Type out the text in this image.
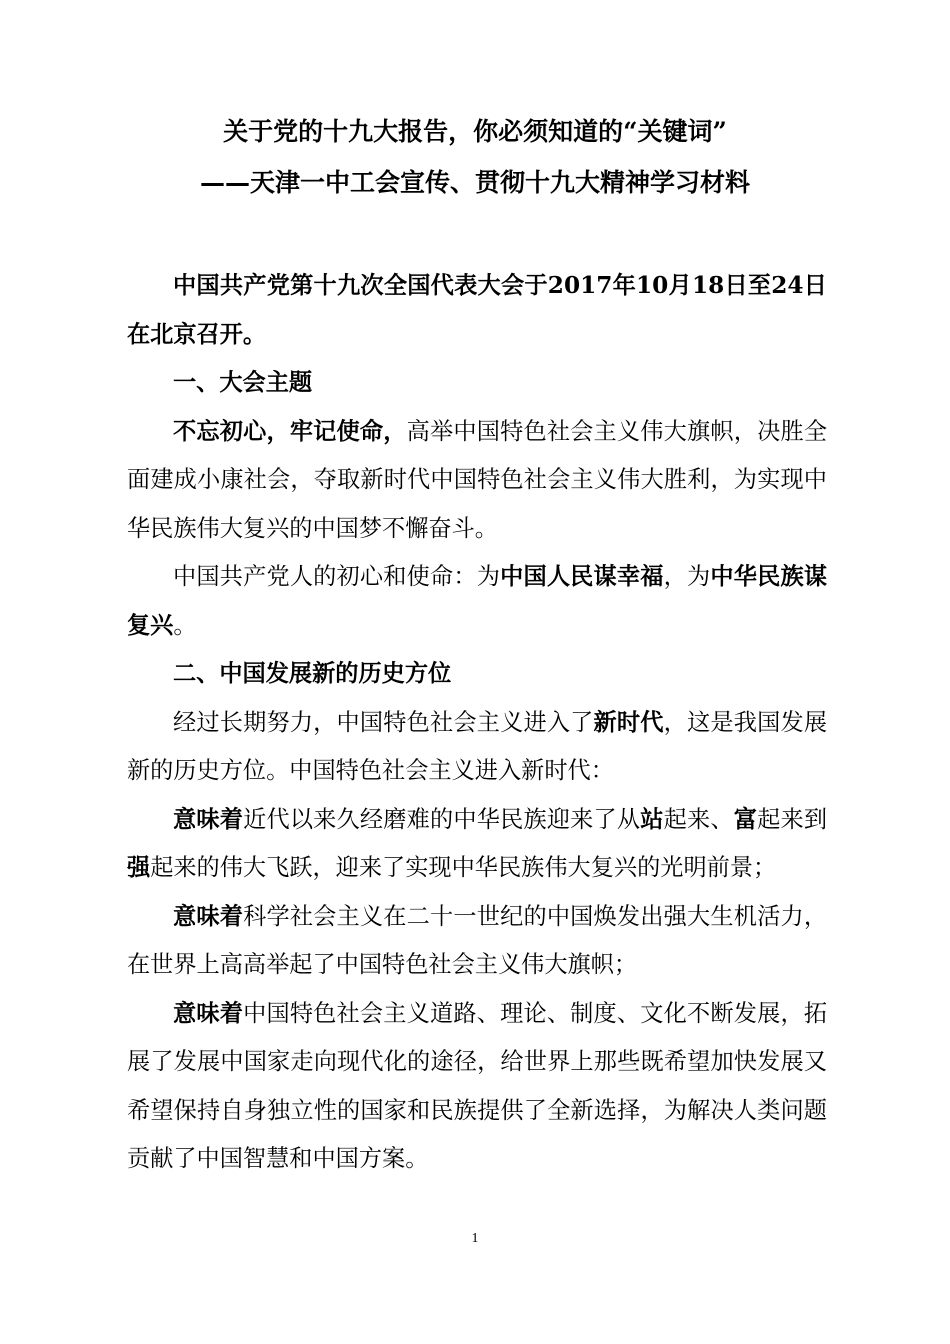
关于党的十九大报告，你必须知道的“关键词”
——天津一中工会宣传、贯彻十九大精神学习材料

中国共产党第十九次全国代表大会于2017年10月18日至24日在北京召开。

一、大会主题

不忘初心，牢记使命，高举中国特色社会主义伟大旗帜，决胜全面建成小康社会，夺取新时代中国特色社会主义伟大胜利，为实现中华民族伟大复兴的中国梦不懈奋斗。

中国共产党人的初心和使命：为中国人民谋幸福，为中华民族谋复兴。

二、中国发展新的历史方位

经过长期努力，中国特色社会主义进入了新时代，这是我国发展新的历史方位。中国特色社会主义进入新时代：

意味着近代以来久经磨难的中华民族迎来了从站起来、富起来到强起来的伟大飞跃，迎来了实现中华民族伟大复兴的光明前景；

意味着科学社会主义在二十一世纪的中国焕发出强大生机活力，在世界上高高举起了中国特色社会主义伟大旗帜；

意味着中国特色社会主义道路、理论、制度、文化不断发展，拓展了发展中国家走向现代化的途径，给世界上那些既希望加快发展又希望保持自身独立性的国家和民族提供了全新选择，为解决人类问题贡献了中国智慧和中国方案。

1
